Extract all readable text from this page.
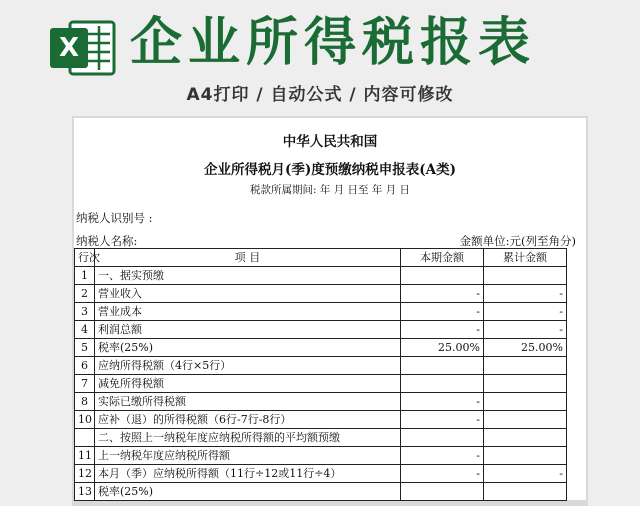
X 企业所得税报表
A4打印 / 自动公式 / 内容可修改
中华人民共和国
企业所得税月(季)度预缴纳税申报表(A类)
税款所属期间: 年 月 日至 年 月 日
纳税人识别号 :
纳税人名称:	金额单位:元(列至角分)
行次	项 目	本期金额	累计金额
1	一、据实预缴		
2	营业收入	-	-
3	营业成本	-	-
4	利润总额	-	-
5	税率(25%)	25.00%	25.00%
6	应纳所得税额（4行×5行）		
7	减免所得税额		
8	实际已缴所得税额	-	
10	应补（退）的所得税额（6行-7行-8行）	-	
	二、按照上一纳税年度应纳税所得额的平均额预缴		
11	上一纳税年度应纳税所得额	-	
12	本月（季）应纳税所得额（11行÷12或11行÷4）	-	-
13	税率(25%)		
